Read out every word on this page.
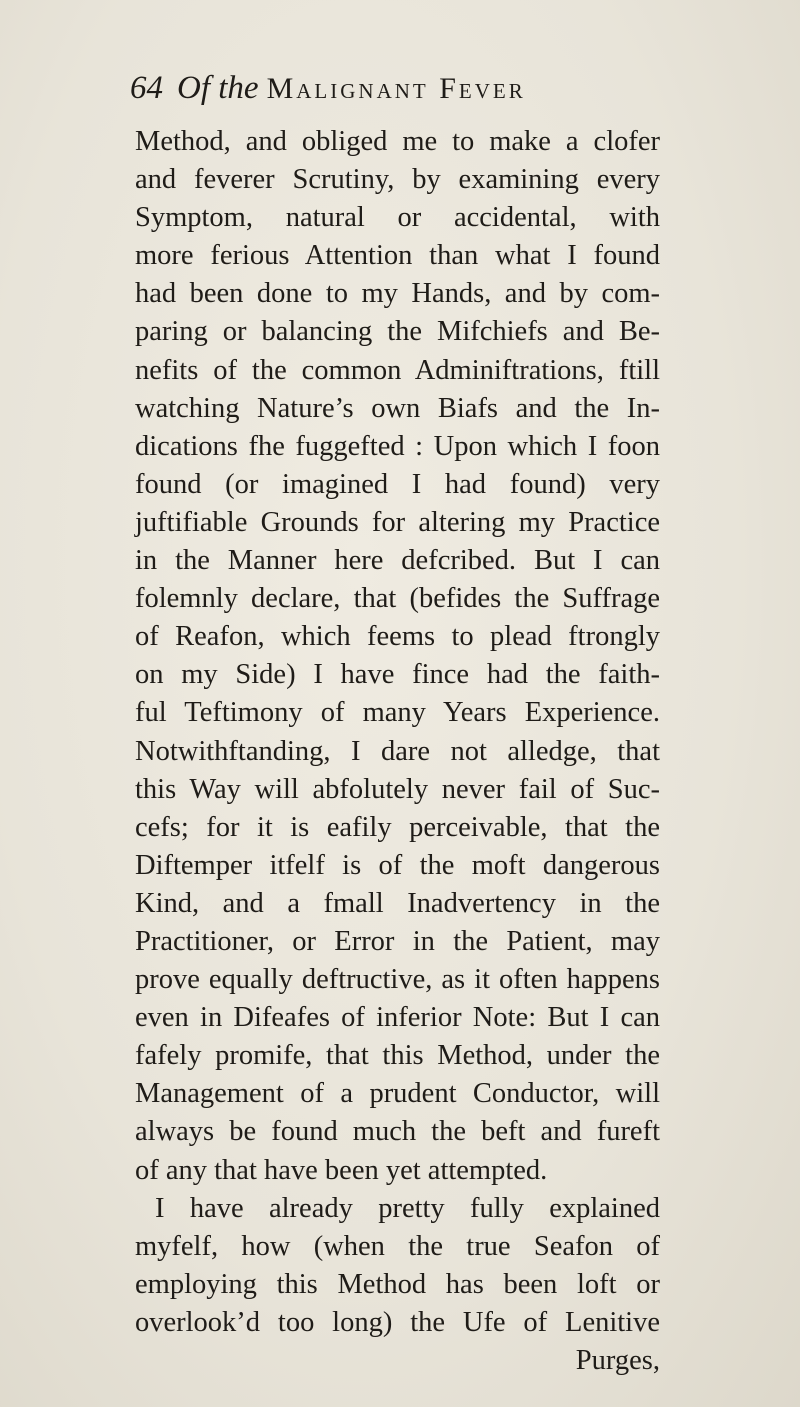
64 Of the Malignant Fever
Method, and obliged me to make a clofer
and feverer Scrutiny, by examining every
Symptom, natural or accidental, with
more ferious Attention than what I found
had been done to my Hands, and by com-
paring or balancing the Mifchiefs and Be-
nefits of the common Adminiftrations, ftill
watching Nature’s own Biafs and the In-
dications fhe fuggefted : Upon which I foon
found (or imagined I had found) very
juftifiable Grounds for altering my Practice
in the Manner here defcribed. But I can
folemnly declare, that (befides the Suffrage
of Reafon, which feems to plead ftrongly
on my Side) I have fince had the faith-
ful Teftimony of many Years Experience.
Notwithftanding, I dare not alledge, that
this Way will abfolutely never fail of Suc-
cefs; for it is eafily perceivable, that the
Diftemper itfelf is of the moft dangerous
Kind, and a fmall Inadvertency in the
Practitioner, or Error in the Patient, may
prove equally deftructive, as it often happens
even in Difeafes of inferior Note: But I can
fafely promife, that this Method, under the
Management of a prudent Conductor, will
always be found much the beft and fureft
of any that have been yet attempted.
I have already pretty fully explained
myfelf, how (when the true Seafon of
employing this Method has been loft or
overlook’d too long) the Ufe of Lenitive
Purges,
